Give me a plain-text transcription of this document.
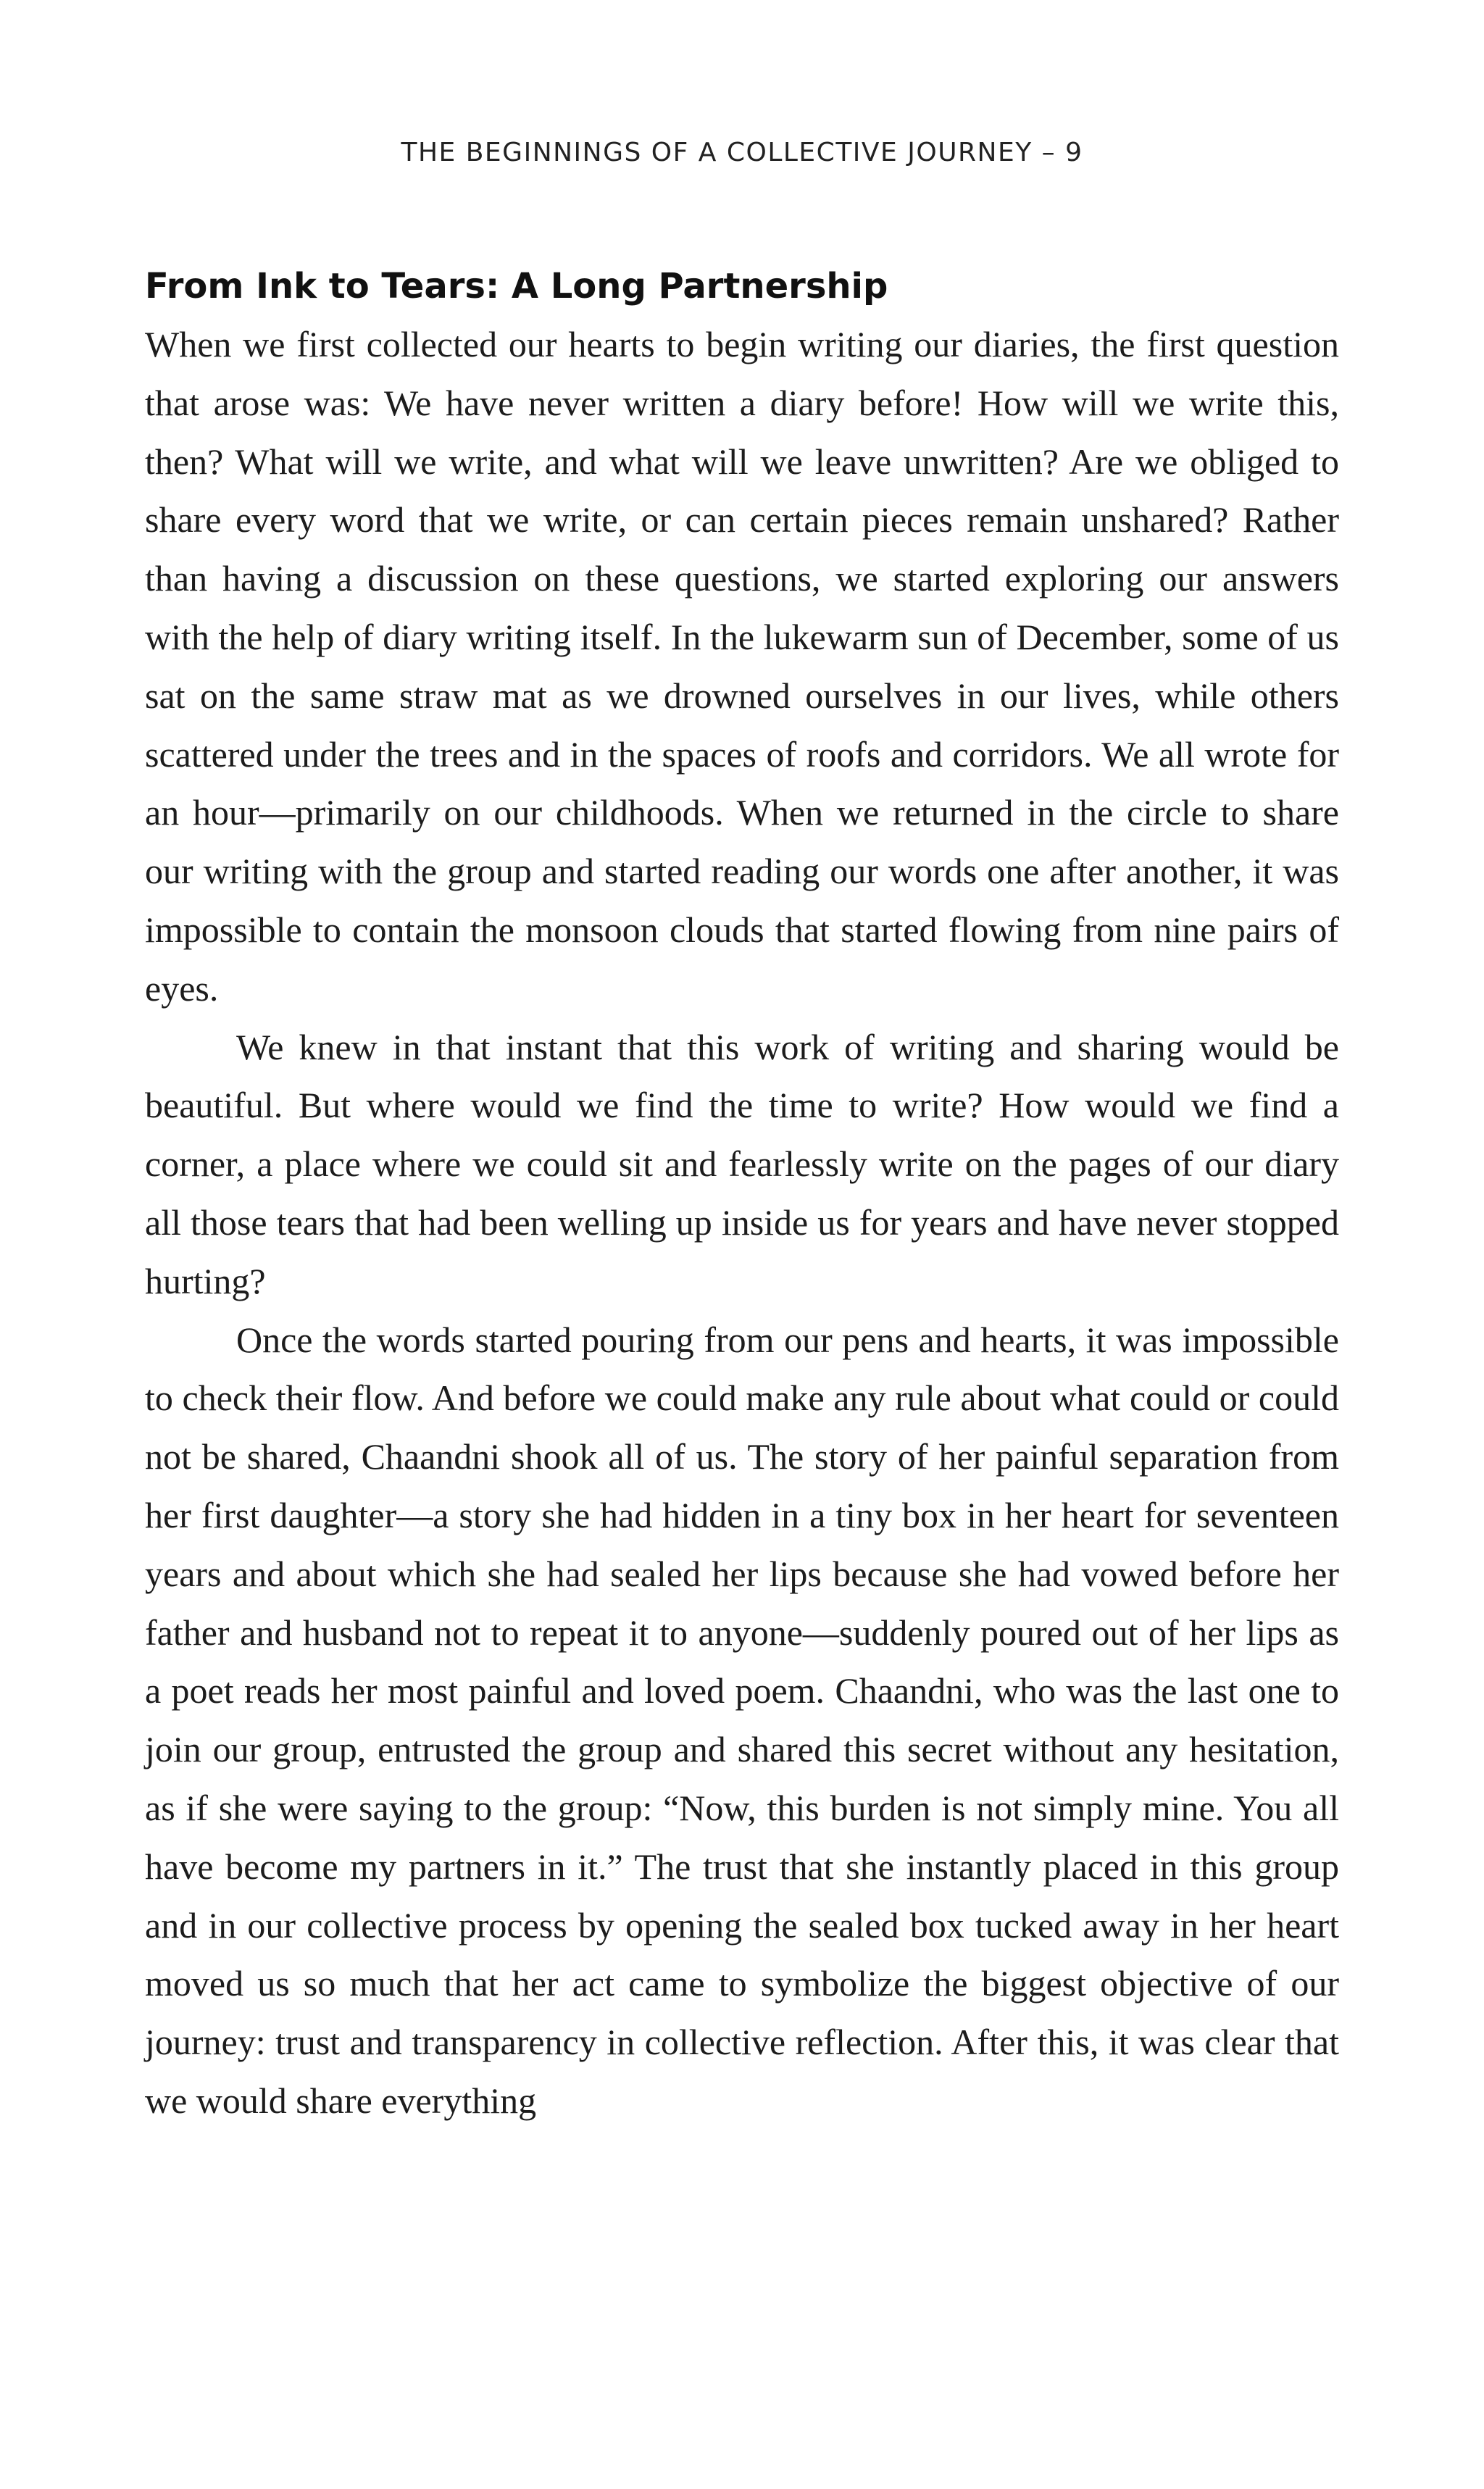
THE BEGINNINGS OF A COLLECTIVE JOURNEY – 9
From Ink to Tears: A Long Partnership

When we first collected our hearts to begin writing our diaries, the first question that arose was: We have never written a diary before! How will we write this, then? What will we write, and what will we leave unwritten? Are we obliged to share every word that we write, or can certain pieces remain unshared? Rather than having a discussion on these questions, we started exploring our answers with the help of diary writing itself. In the lukewarm sun of December, some of us sat on the same straw mat as we drowned ourselves in our lives, while others scattered under the trees and in the spaces of roofs and corridors. We all wrote for an hour—primarily on our childhoods. When we returned in the circle to share our writing with the group and started reading our words one after another, it was impossible to contain the monsoon clouds that started flowing from nine pairs of eyes.

We knew in that instant that this work of writing and sharing would be beautiful. But where would we find the time to write? How would we find a corner, a place where we could sit and fearlessly write on the pages of our diary all those tears that had been welling up inside us for years and have never stopped hurting?

Once the words started pouring from our pens and hearts, it was impossible to check their flow. And before we could make any rule about what could or could not be shared, Chaandni shook all of us. The story of her painful separation from her first daughter—a story she had hidden in a tiny box in her heart for seventeen years and about which she had sealed her lips because she had vowed before her father and husband not to repeat it to anyone—suddenly poured out of her lips as a poet reads her most painful and loved poem. Chaandni, who was the last one to join our group, entrusted the group and shared this secret without any hesitation, as if she were saying to the group: “Now, this burden is not simply mine. You all have become my partners in it.” The trust that she instantly placed in this group and in our collective process by opening the sealed box tucked away in her heart moved us so much that her act came to symbolize the biggest objective of our journey: trust and transparency in collective reflection. After this, it was clear that we would share everything
